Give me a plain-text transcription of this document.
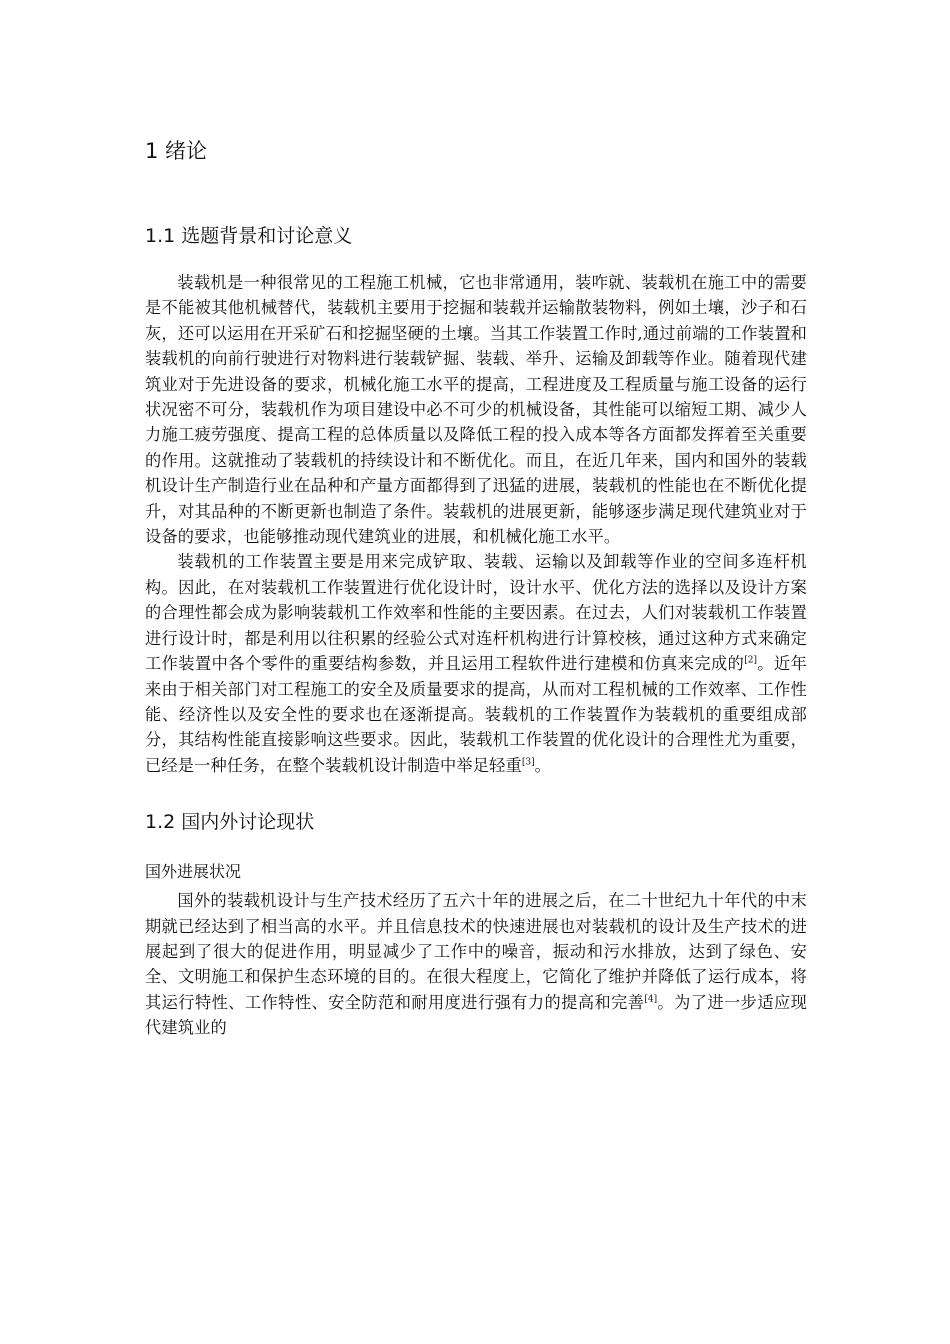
1 绪论
1.1 选题背景和讨论意义

装载机是一种很常见的工程施工机械，它也非常通用，装咋就、装载机在施工中的需要是不能被其他机械替代，装载机主要用于挖掘和装载并运输散装物料，例如土壤，沙子和石灰，还可以运用在开采矿石和挖掘坚硬的土壤。当其工作装置工作时,通过前端的工作装置和装载机的向前行驶进行对物料进行装载铲掘、装载、举升、运输及卸载等作业。随着现代建筑业对于先进设备的要求，机械化施工水平的提高，工程进度及工程质量与施工设备的运行状况密不可分，装载机作为项目建设中必不可少的机械设备，其性能可以缩短工期、减少人力施工疲劳强度、提高工程的总体质量以及降低工程的投入成本等各方面都发挥着至关重要的作用。这就推动了装载机的持续设计和不断优化。而且，在近几年来，国内和国外的装载机设计生产制造行业在品种和产量方面都得到了迅猛的进展，装载机的性能也在不断优化提升，对其品种的不断更新也制造了条件。装载机的进展更新，能够逐步满足现代建筑业对于设备的要求，也能够推动现代建筑业的进展，和机械化施工水平。

装载机的工作装置主要是用来完成铲取、装载、运输以及卸载等作业的空间多连杆机构。因此，在对装载机工作装置进行优化设计时，设计水平、优化方法的选择以及设计方案的合理性都会成为影响装载机工作效率和性能的主要因素。在过去，人们对装载机工作装置进行设计时，都是利用以往积累的经验公式对连杆机构进行计算校核，通过这种方式来确定工作装置中各个零件的重要结构参数，并且运用工程软件进行建模和仿真来完成的[2]。近年来由于相关部门对工程施工的安全及质量要求的提高，从而对工程机械的工作效率、工作性能、经济性以及安全性的要求也在逐渐提高。装载机的工作装置作为装载机的重要组成部分，其结构性能直接影响这些要求。因此，装载机工作装置的优化设计的合理性尤为重要，已经是一种任务，在整个装载机设计制造中举足轻重[3]。

1.2 国内外讨论现状
国外进展状况

国外的装载机设计与生产技术经历了五六十年的进展之后，在二十世纪九十年代的中末期就已经达到了相当高的水平。并且信息技术的快速进展也对装载机的设计及生产技术的进展起到了很大的促进作用，明显减少了工作中的噪音，振动和污水排放，达到了绿色、安全、文明施工和保护生态环境的目的。在很大程度上，它简化了维护并降低了运行成本，将其运行特性、工作特性、安全防范和耐用度进行强有力的提高和完善[4]。为了进一步适应现代建筑业的
